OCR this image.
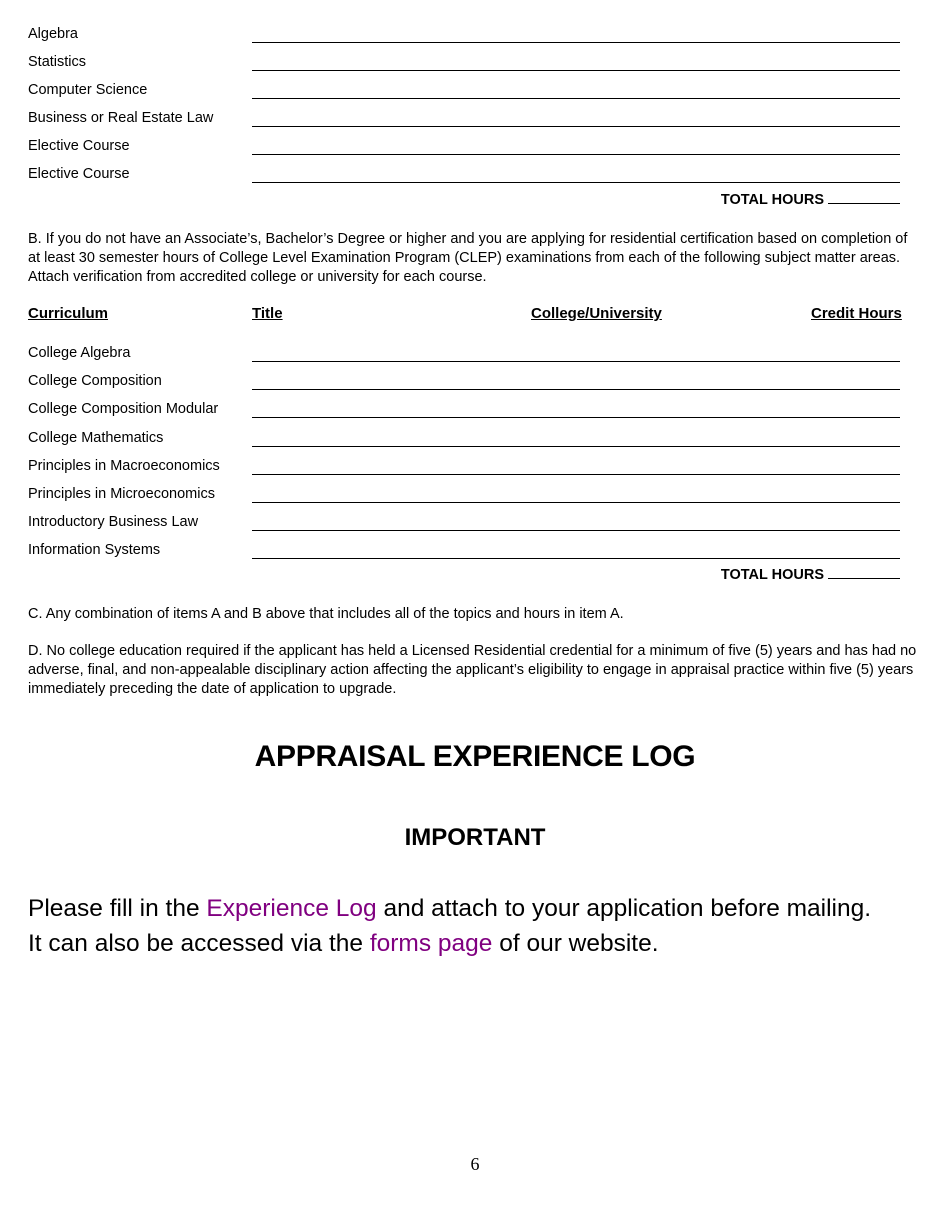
Algebra
Statistics
Computer Science
Business or Real Estate Law
Elective Course
Elective Course
TOTAL HOURS
B. If you do not have an Associate’s, Bachelor’s Degree or higher and you are applying for residential certification based on completion of at least 30 semester hours of College Level Examination Program (CLEP) examinations from each of the following subject matter areas. Attach verification from accredited college or university for each course.
Curriculum	Title	College/University	Credit Hours
College Algebra
College Composition
College Composition Modular
College Mathematics
Principles in Macroeconomics
Principles in Microeconomics
Introductory Business Law
Information Systems
TOTAL HOURS
C. Any combination of items A and B above that includes all of the topics and hours in item A.
D. No college education required if the applicant has held a Licensed Residential credential for a minimum of five (5) years and has had no adverse, final, and non-appealable disciplinary action affecting the applicant’s eligibility to engage in appraisal practice within five (5) years immediately preceding the date of application to upgrade.
APPRAISAL EXPERIENCE LOG
IMPORTANT
Please fill in the Experience Log and attach to your application before mailing.
It can also be accessed via the forms page of our website.
6
